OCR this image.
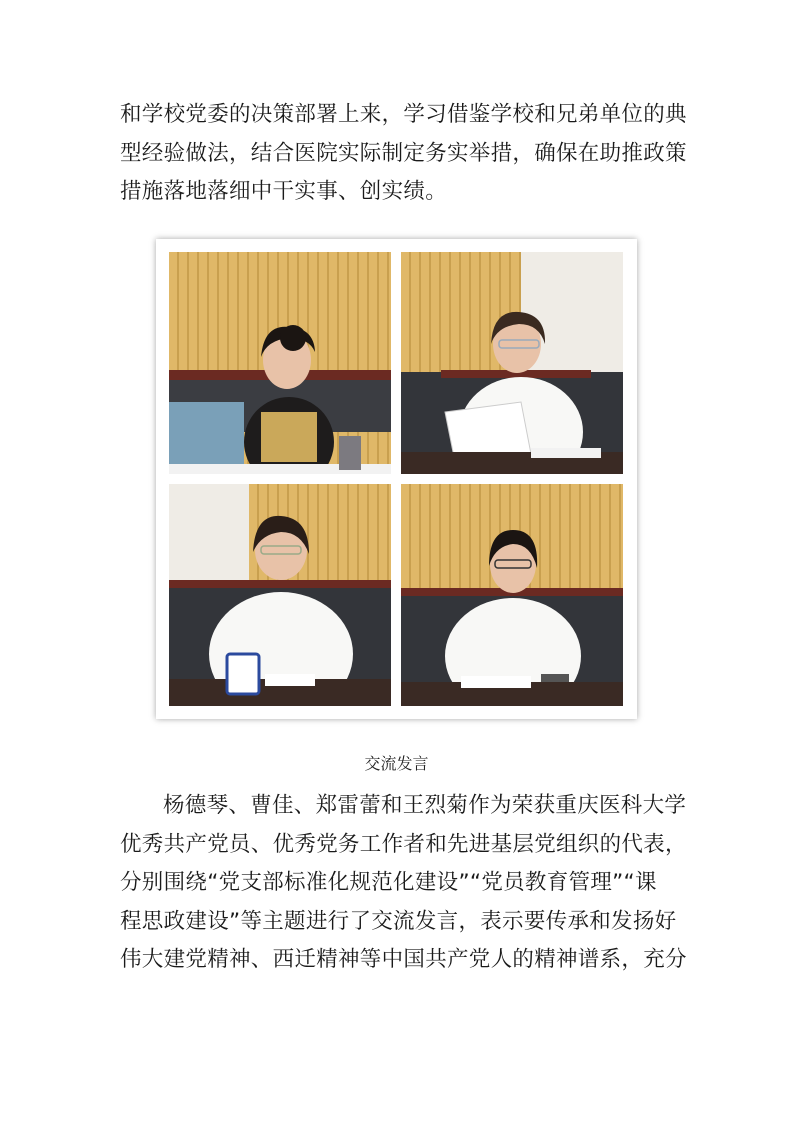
和学校党委的决策部署上来，学习借鉴学校和兄弟单位的典

型经验做法，结合医院实际制定务实举措，确保在助推政策

措施落地落细中干实事、创实绩。

交流发言

杨德琴、曹佳、郑雷蕾和王烈菊作为荣获重庆医科大学

优秀共产党员、优秀党务工作者和先进基层党组织的代表，

分别围绕“党支部标准化规范化建设”“党员教育管理”“课

程思政建设”等主题进行了交流发言，表示要传承和发扬好

伟大建党精神、西迁精神等中国共产党人的精神谱系，充分
